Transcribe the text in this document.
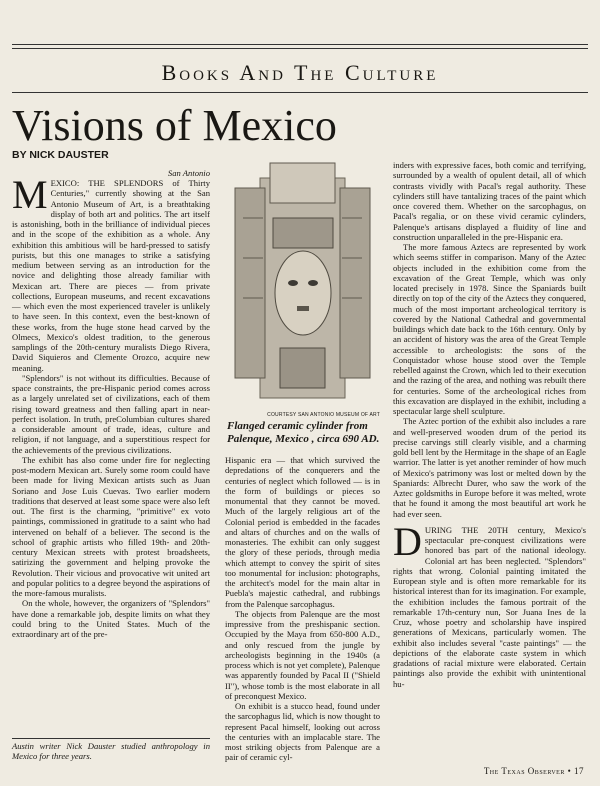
Books And The Culture
Visions of Mexico
BY NICK DAUSTER
San Antonio

MEXICO: THE SPLENDORS of Thirty Centuries," currently showing at the San Antonio Museum of Art, is a breathtaking display of both art and politics. The art itself is astonishing, both in the brilliance of individual pieces and in the scope of the exhibition as a whole. Any exhibition this ambitious will be hard-pressed to satisfy purists, but this one manages to strike a satisfying medium between serving as an introduction for the novice and delighting those already familiar with Mexican art. There are pieces — from private collections, European museums, and recent excavations — which even the most experienced traveler is unlikely to have seen. In this context, even the best-known of these works, from the huge stone head carved by the Olmecs, Mexico's oldest tradition, to the generous samplings of the 20th-century muralists Diego Rivera, David Siquieros and Clemente Orozco, acquire new meaning.

"Splendors" is not without its difficulties. Because of space constraints, the pre-Hispanic period comes across as a largely unrelated set of civilizations, each of them rising toward greatness and then falling apart in near-perfect isolation. In truth, preColumbian cultures shared a considerable amount of trade, ideas, culture and religion, if not language, and a superstitious respect for the achievements of the previous civilizations.

The exhibit has also come under fire for neglecting post-modern Mexican art. Surely some room could have been made for living Mexican artists such as Juan Soriano and Jose Luis Cuevas. Two earlier modern traditions that deserved at least some space were also left out. The first is the charming, "primitive" ex voto paintings, commissioned in gratitude to a saint who had intervened on behalf of a believer. The second is the school of graphic artists who filled 19th- and 20th-century Mexican streets with protest broadsheets, satirizing the government and helping provoke the Revolution. Their vicious and provocative wit united art and popular politics to a degree beyond the aspirations of the more-famous muralists.

On the whole, however, the organizers of "Splendors" have done a remarkable job, despite limits on what they could bring to the United States. Much of the extraordinary art of the pre-

Austin writer Nick Dauster studied anthropology in Mexico for three years.
COURTESY SAN ANTONIO MUSEUM OF ART
Flanged ceramic cylinder from Palenque, Mexico , circa 690 AD.

Hispanic era — that which survived the depredations of the conquerers and the centuries of neglect which followed — is in the form of buildings or pieces so monumental that they cannot be moved. Much of the largely religious art of the Colonial period is embedded in the facades and altars of churches and on the walls of monasteries. The exhibit can only suggest the glory of these periods, through media which attempt to convey the spirit of sites too monumental for inclusion: photographs, the architect's model for the main altar in Puebla's majestic cathedral, and rubbings from the Palenque sarcophagus.

The objects from Palenque are the most impressive from the preshispanic section. Occupied by the Maya from 650-800 A.D., and only rescued from the jungle by archeologists beginning in the 1940s (a process which is not yet complete), Palenque was apparently founded by Pacal II ("Shield II"), whose tomb is the most elaborate in all of preconquest Mexico.

On exhibit is a stucco head, found under the sarcophagus lid, which is now thought to represent Pacal himself, looking out across the centuries with an implacable stare. The most striking objects from Palenque are a pair of ceramic cyl-

inders with expressive faces, both comic and terrifying, surrounded by a wealth of opulent detail, all of which contrasts vividly with Pacal's regal authority. These cylinders still have tantalizing traces of the paint which once covered them. Whether on the sarcophagus, on Pacal's regalia, or on these vivid ceramic cylinders, Palenque's artisans displayed a fluidity of line and construction unparalleled in the pre-Hispanic era.

The more famous Aztecs are represented by work which seems stiffer in comparison. Many of the Aztec objects included in the exhibition come from the excavation of the Great Temple, which was only located precisely in 1978. Since the Spaniards built directly on top of the city of the Aztecs they conquered, much of the most important archeological territory is covered by the National Cathedral and governmental buildings which date back to the 16th century. Only by an accident of history was the area of the Great Temple accessible to archeologists: the sons of the Conquistador whose house stood over the Temple rebelled against the Crown, which led to their execution and the razing of the area, and nothing was rebuilt there for centuries. Some of the archeological riches from this excavation are displayed in the exhibit, including a spectacular large shell sculpture.

The Aztec portion of the exhibit also includes a rare and well-preserved wooden drum of the period its precise carvings still clearly visible, and a charming gold bell lent by the Hermitage in the shape of an Eagle warrior. The latter is yet another reminder of how much of Mexico's patrimony was lost or melted down by the Spaniards: Albrecht Durer, who saw the work of the Aztec goldsmiths in Europe before it was melted, wrote that he found it among the most beautiful art work he had ever seen.

DURING THE 20TH century, Mexico's spectacular pre-conquest civilizations were honored bas part of the national ideology. Colonial art has been neglected. "Splendors" rights that wrong. Colonial painting imitated the European style and is often more remarkable for its historical interest than for its imagination. For example, the exhibition includes the famous portrait of the remarkable 17th-century nun, Sor Juana Ines de la Cruz, whose poetry and scholarship have inspired generations of Mexicans, particularly women. The exhibit also includes several "caste paintings" — the depictions of the elaborate caste system in which gradations of racial mixture were elaborated. Certain paintings also provide the exhibit with unintentional hu-

The Texas Observer • 17
